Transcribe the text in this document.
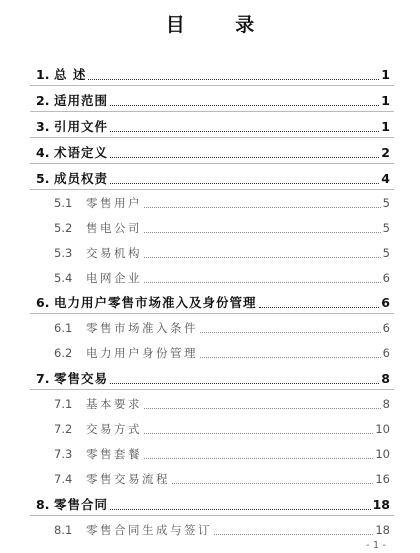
目 录
1. 总 述	1
2. 适用范围	1
3. 引用文件	1
4. 术语定义	2
5. 成员权责	4
5.1	零售用户	5
5.2	售电公司	5
5.3	交易机构	5
5.4	电网企业	6
6. 电力用户零售市场准入及身份管理	6
6.1	零售市场准入条件	6
6.2	电力用户身份管理	6
7. 零售交易	8
7.1	基本要求	8
7.2	交易方式	10
7.3	零售套餐	10
7.4	零售交易流程	16
8. 零售合同	18
8.1	零售合同生成与签订	18
- 1 -
